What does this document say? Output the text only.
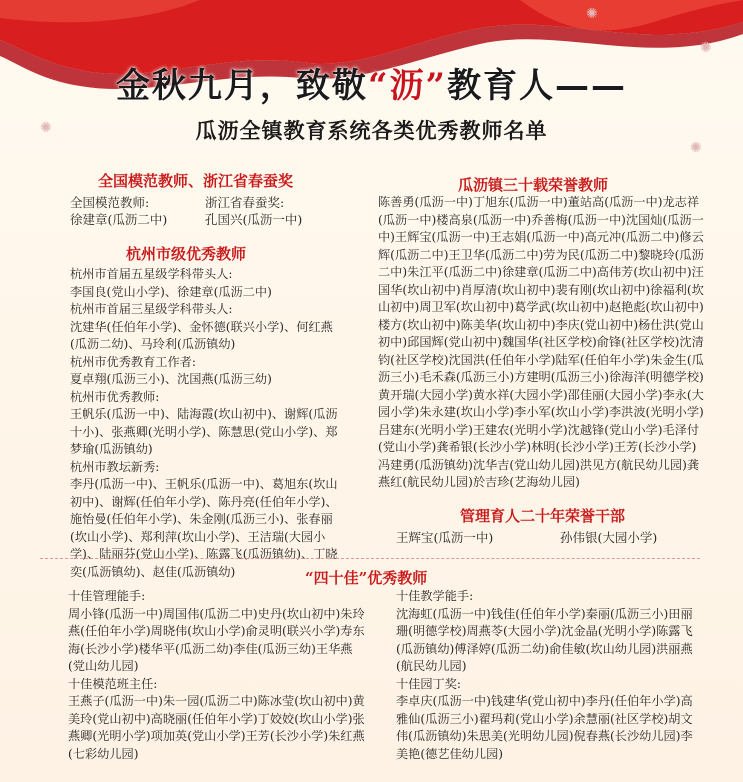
✺
✺
✺
✺
金秋九月，致敬“沥”教育人——
瓜沥全镇教育系统各类优秀教师名单
全国模范教师、浙江省春蚕奖
全国模范教师:
徐建章(瓜沥二中)
浙江省春蚕奖:
孔国兴(瓜沥一中)
杭州市级优秀教师
杭州市首届五星级学科带头人:
李国良(党山小学)、徐建章(瓜沥二中)
杭州市首届三星级学科带头人:
沈建华(任伯年小学)、金怀德(联兴小学)、何红燕(瓜沥二幼)、马玲利(瓜沥镇幼)
杭州市优秀教育工作者:
夏卓翔(瓜沥三小)、沈国燕(瓜沥三幼)
杭州市优秀教师:
王帆乐(瓜沥一中)、陆海霞(坎山初中)、谢辉(瓜沥十小)、张燕卿(光明小学)、陈慧思(党山小学)、郑梦瑜(瓜沥镇幼)
杭州市教坛新秀:
李丹(瓜沥一中)、王帆乐(瓜沥一中)、葛旭东(坎山初中)、谢辉(任伯年小学)、陈丹亮(任伯年小学)、施怡曼(任伯年小学)、朱金刚(瓜沥三小)、张春丽(坎山小学)、郑利萍(坎山小学)、王洁瑞(大园小学)、陆丽芬(党山小学)、陈露飞(瓜沥镇幼)、丁晓奕(瓜沥镇幼)、赵佳(瓜沥镇幼)
瓜沥镇三十载荣誉教师
陈善勇(瓜沥一中)丁旭东(瓜沥一中)董站高(瓜沥一中)龙志祥(瓜沥一中)楼高泉(瓜沥一中)乔善梅(瓜沥一中)沈国灿(瓜沥一中)王辉宝(瓜沥一中)王志娟(瓜沥一中)高元冲(瓜沥二中)修云辉(瓜沥二中)王卫华(瓜沥二中)劳为民(瓜沥二中)黎晓玲(瓜沥二中)朱江平(瓜沥二中)徐建章(瓜沥二中)高伟芳(坎山初中)汪国华(坎山初中)肖厚清(坎山初中)裴有刚(坎山初中)徐福利(坎山初中)周卫军(坎山初中)葛学武(坎山初中)赵艳彪(坎山初中)楼方(坎山初中)陈美华(坎山初中)李庆(党山初中)杨仕洪(党山初中)邱国辉(党山初中)魏国华(社区学校)俞锋(社区学校)沈清钧(社区学校)沈国洪(任伯年小学)陆军(任伯年小学)朱金生(瓜沥三小)毛禾森(瓜沥三小)方建明(瓜沥三小)徐海洋(明德学校)黄开瑞(大园小学)黄水祥(大园小学)邵佳丽(大园小学)李永(大园小学)朱永建(坎山小学)李小军(坎山小学)李洪波(光明小学)吕建东(光明小学)王建农(光明小学)沈越锋(党山小学)毛泽付(党山小学)龚希银(长沙小学)林明(长沙小学)王芳(长沙小学)冯建勇(瓜沥镇幼)沈华吉(党山幼儿园)洪见方(航民幼儿园)龚燕红(航民幼儿园)於吉珍(艺海幼儿园)
管理育人二十年荣誉干部
王辉宝(瓜沥一中)	孙伟银(大园小学)
“四十佳”优秀教师
十佳管理能手:
周小锋(瓜沥一中)周国伟(瓜沥二中)史丹(坎山初中)朱玲燕(任伯年小学)周晓伟(坎山小学)俞灵明(联兴小学)寿东海(长沙小学)楼华平(瓜沥二幼)李佳(瓜沥三幼)王华燕(党山幼儿园)
十佳模范班主任:
王燕子(瓜沥一中)朱一园(瓜沥二中)陈冰莹(坎山初中)黄美玲(党山初中)高晓丽(任伯年小学)丁姣姣(坎山小学)张燕卿(光明小学)项加英(党山小学)王芳(长沙小学)朱红燕(七彩幼儿园)
十佳教学能手:
沈海虹(瓜沥一中)钱佳(任伯年小学)秦丽(瓜沥三小)田丽珊(明德学校)周燕苓(大园小学)沈金晶(光明小学)陈露飞(瓜沥镇幼)傅泽婷(瓜沥二幼)俞佳敏(坎山幼儿园)洪丽燕(航民幼儿园)
十佳园丁奖:
李卓庆(瓜沥一中)钱建华(党山初中)李丹(任伯年小学)高雅仙(瓜沥三小)翟玛莉(党山小学)余慧丽(社区学校)胡文伟(瓜沥镇幼)朱思美(光明幼儿园)倪春燕(长沙幼儿园)李美艳(德艺佳幼儿园)
